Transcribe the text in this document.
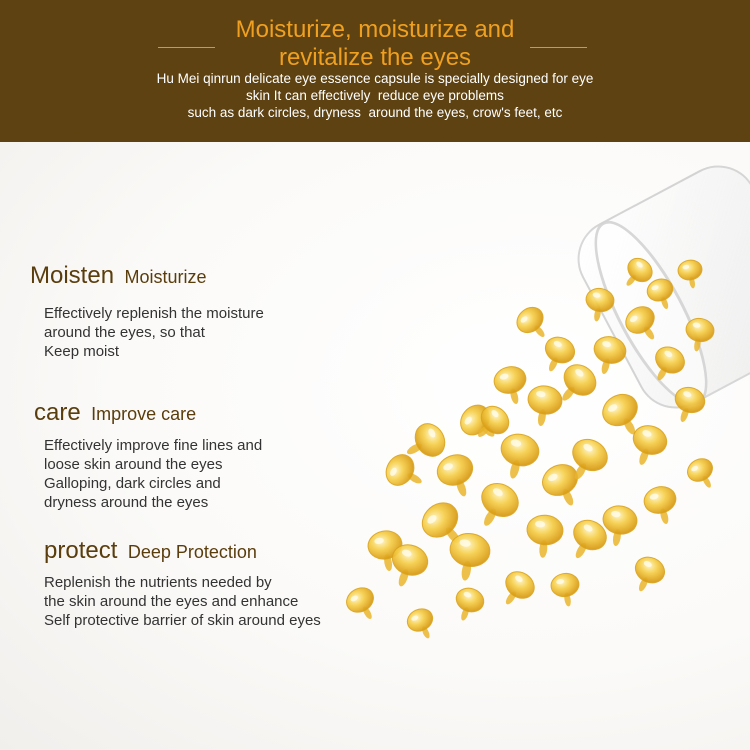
Moisturize, moisturize and
revitalize the eyes
Hu Mei qinrun delicate eye essence capsule is specially designed for eye
skin It can effectively  reduce eye problems
such as dark circles, dryness  around the eyes, crow's feet, etc
Moisten Moisturize
Effectively replenish the moisture
around the eyes, so that
Keep moist
care Improve care
Effectively improve fine lines and
loose skin around the eyes
Galloping, dark circles and
dryness around the eyes
protect Deep Protection
Replenish the nutrients needed by
the skin around the eyes and enhance
Self protective barrier of skin around eyes
